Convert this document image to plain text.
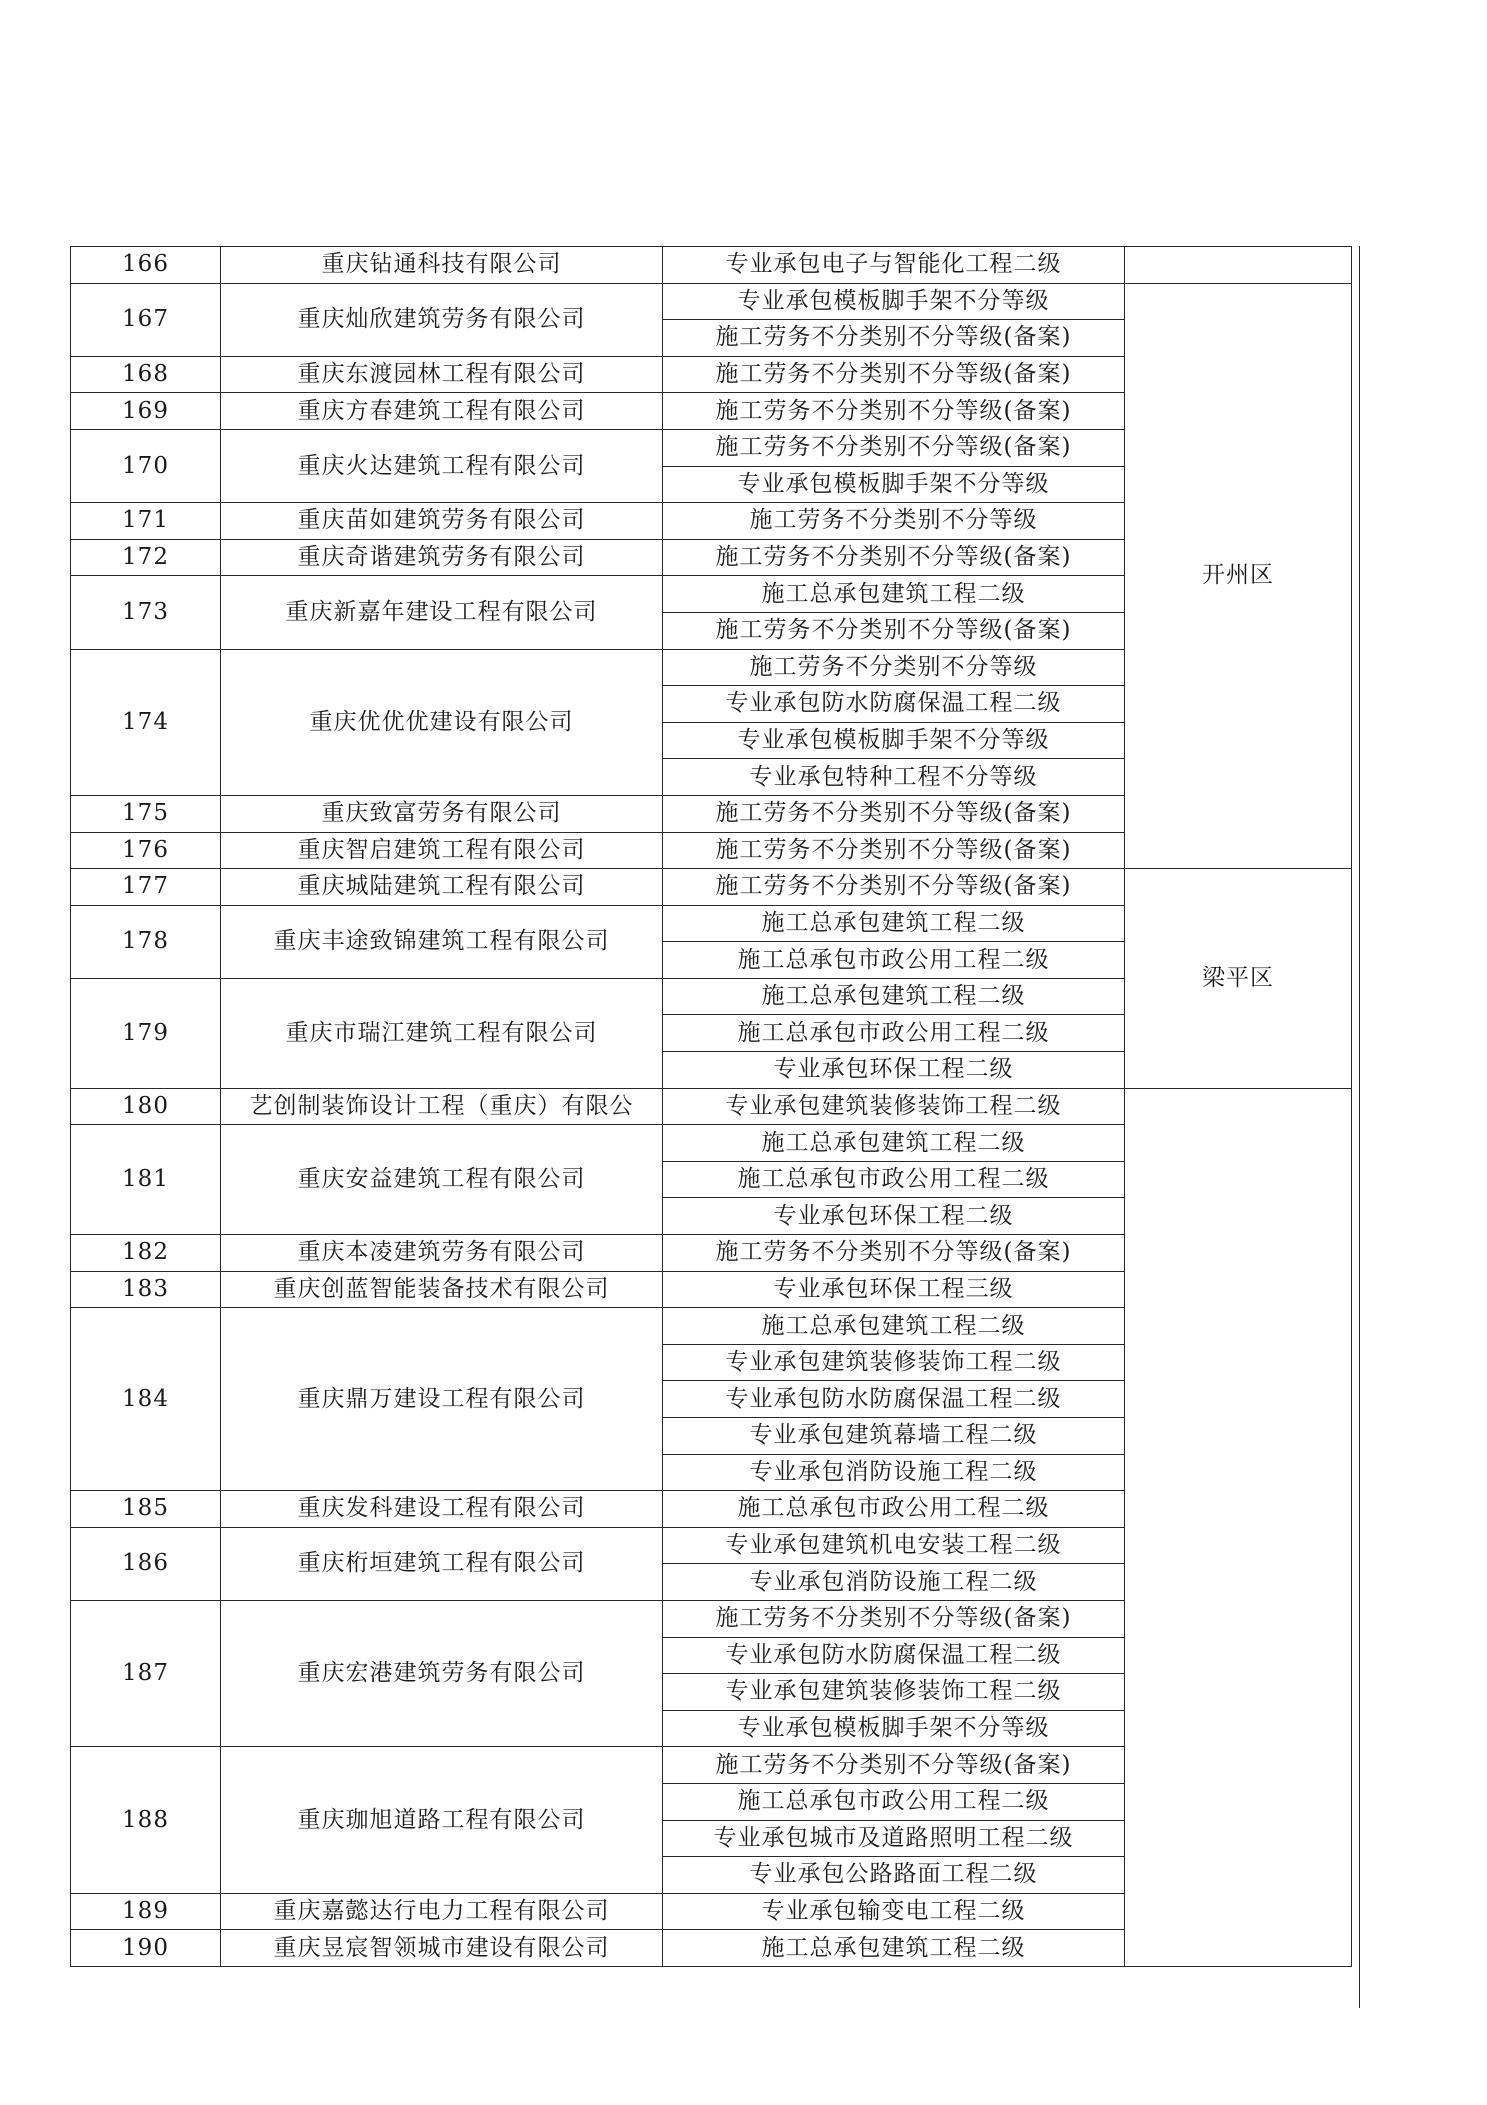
166	重庆钻通科技有限公司	专业承包电子与智能化工程二级	
167	重庆灿欣建筑劳务有限公司	专业承包模板脚手架不分等级	开州区
		施工劳务不分类别不分等级(备案)	
168	重庆东渡园林工程有限公司	施工劳务不分类别不分等级(备案)	
169	重庆方春建筑工程有限公司	施工劳务不分类别不分等级(备案)	
170	重庆火达建筑工程有限公司	施工劳务不分类别不分等级(备案)	
		专业承包模板脚手架不分等级	
171	重庆苗如建筑劳务有限公司	施工劳务不分类别不分等级	
172	重庆奇谐建筑劳务有限公司	施工劳务不分类别不分等级(备案)	
173	重庆新嘉年建设工程有限公司	施工总承包建筑工程二级	
		施工劳务不分类别不分等级(备案)	
174	重庆优优优建设有限公司	施工劳务不分类别不分等级	
		专业承包防水防腐保温工程二级	
		专业承包模板脚手架不分等级	
		专业承包特种工程不分等级	
175	重庆致富劳务有限公司	施工劳务不分类别不分等级(备案)	
176	重庆智启建筑工程有限公司	施工劳务不分类别不分等级(备案)	
177	重庆城陆建筑工程有限公司	施工劳务不分类别不分等级(备案)	梁平区
178	重庆丰途致锦建筑工程有限公司	施工总承包建筑工程二级	
		施工总承包市政公用工程二级	
179	重庆市瑞江建筑工程有限公司	施工总承包建筑工程二级	
		施工总承包市政公用工程二级	
		专业承包环保工程二级	
180	艺创制装饰设计工程（重庆）有限公	专业承包建筑装修装饰工程二级	
181	重庆安益建筑工程有限公司	施工总承包建筑工程二级	
		施工总承包市政公用工程二级	
		专业承包环保工程二级	
182	重庆本凌建筑劳务有限公司	施工劳务不分类别不分等级(备案)	
183	重庆创蓝智能装备技术有限公司	专业承包环保工程三级	
184	重庆鼎万建设工程有限公司	施工总承包建筑工程二级	
		专业承包建筑装修装饰工程二级	
		专业承包防水防腐保温工程二级	
		专业承包建筑幕墙工程二级	
		专业承包消防设施工程二级	
185	重庆发科建设工程有限公司	施工总承包市政公用工程二级	
186	重庆桁垣建筑工程有限公司	专业承包建筑机电安装工程二级	
		专业承包消防设施工程二级	
187	重庆宏港建筑劳务有限公司	施工劳务不分类别不分等级(备案)	
		专业承包防水防腐保温工程二级	
		专业承包建筑装修装饰工程二级	
		专业承包模板脚手架不分等级	
188	重庆珈旭道路工程有限公司	施工劳务不分类别不分等级(备案)	
		施工总承包市政公用工程二级	
		专业承包城市及道路照明工程二级	
		专业承包公路路面工程二级	
189	重庆嘉懿达行电力工程有限公司	专业承包输变电工程二级	
190	重庆昱宸智领城市建设有限公司	施工总承包建筑工程二级	
